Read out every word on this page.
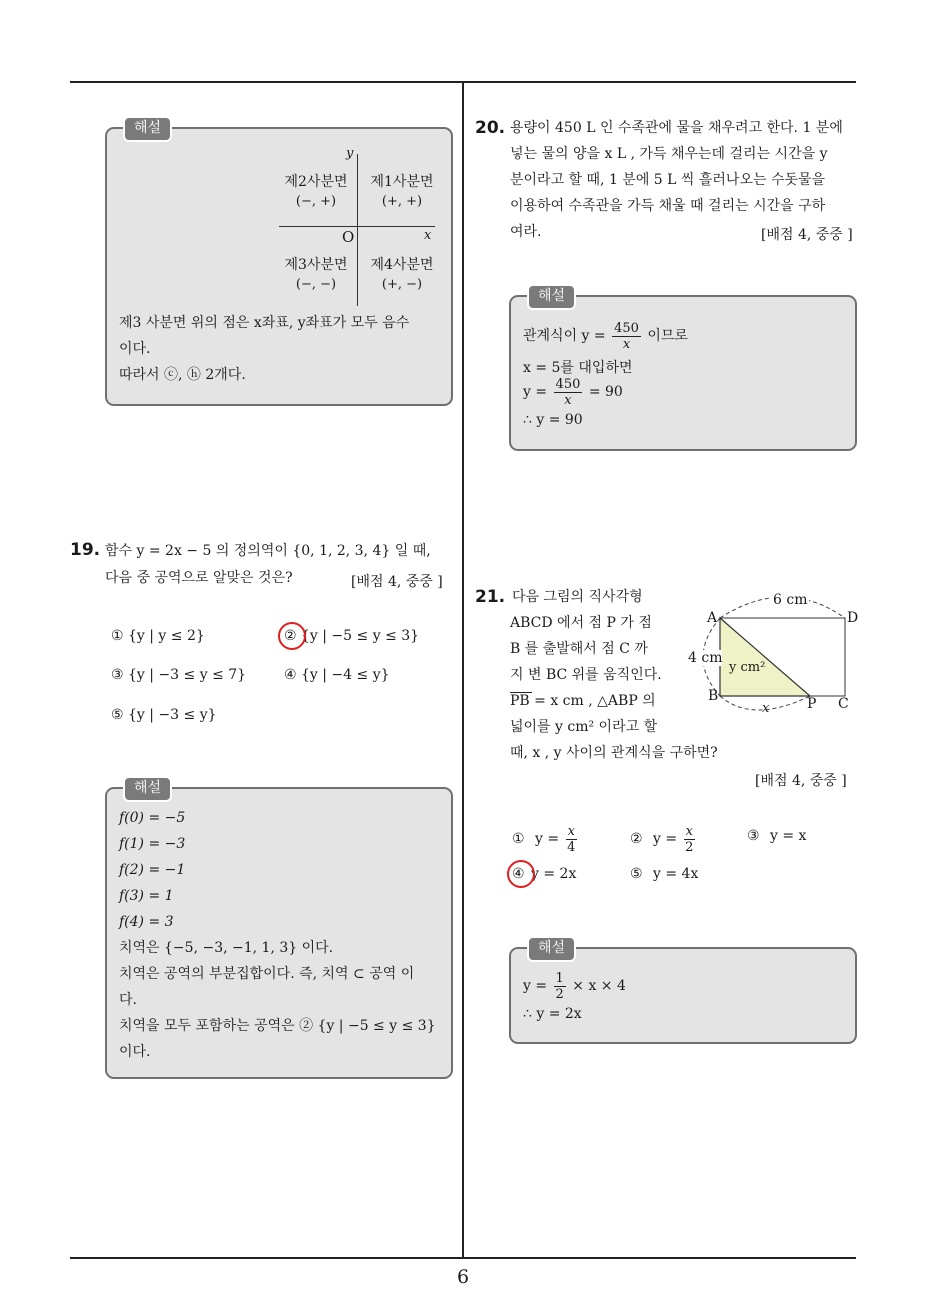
6
해설
y
x
O
제2사분면
(−, +)
제1사분면
(+, +)
제3사분면
(−, −)
제4사분면
(+, −)
제3 사분면 위의 점은 x좌표, y좌표가 모두 음수
이다.
따라서 ⓒ, ⓗ 2개다.
19. 함수 y = 2x − 5 의 정의역이 {0, 1, 2, 3, 4} 일 때,
다음 중 공역으로 알맞은 것은?	[배점 4, 중중 ]
① {y | y ≤ 2}	② {y | −5 ≤ y ≤ 3}
③ {y | −3 ≤ y ≤ 7}	④ {y | −4 ≤ y}
⑤ {y | −3 ≤ y}
해설
f(0) = −5
f(1) = −3
f(2) = −1
f(3) = 1
f(4) = 3
치역은 {−5, −3, −1, 1, 3} 이다.
치역은 공역의 부분집합이다. 즉, 치역 ⊂ 공역 이
다.
치역을 모두 포함하는 공역은 ② {y | −5 ≤ y ≤ 3}
이다.
20. 용량이 450 L 인 수족관에 물을 채우려고 한다. 1 분에
넣는 물의 양을 x L , 가득 채우는데 걸리는 시간을 y
분이라고 할 때, 1 분에 5 L 씩 흘러나오는 수돗물을
이용하여 수족관을 가득 채울 때 걸리는 시간을 구하
여라.	[배점 4, 중중 ]
해설
관계식이 $y = \frac{450}{x}$ 이므로
x = 5를 대입하면
$y = \frac{450}{x} = 90$
∴ y = 90
21. 다음 그림의 직사각형
ABCD 에서 점 P 가 점
B 를 출발해서 점 C 까
지 변 BC 위를 움직인다.
PB = x cm , △ABP 의
넓이를 y cm² 이라고 할
때, x , y 사이의 관계식을 구하면?
[배점 4, 중중 ]
A	D
B	P C
6 cm
4 cm
x
y cm²
① $y = \frac{x}{4}$	② $y = \frac{x}{2}$	③ y = x
④ y = 2x	⑤ y = 4x
해설
$y = \frac{1}{2} \times x \times 4$
∴ y = 2x
